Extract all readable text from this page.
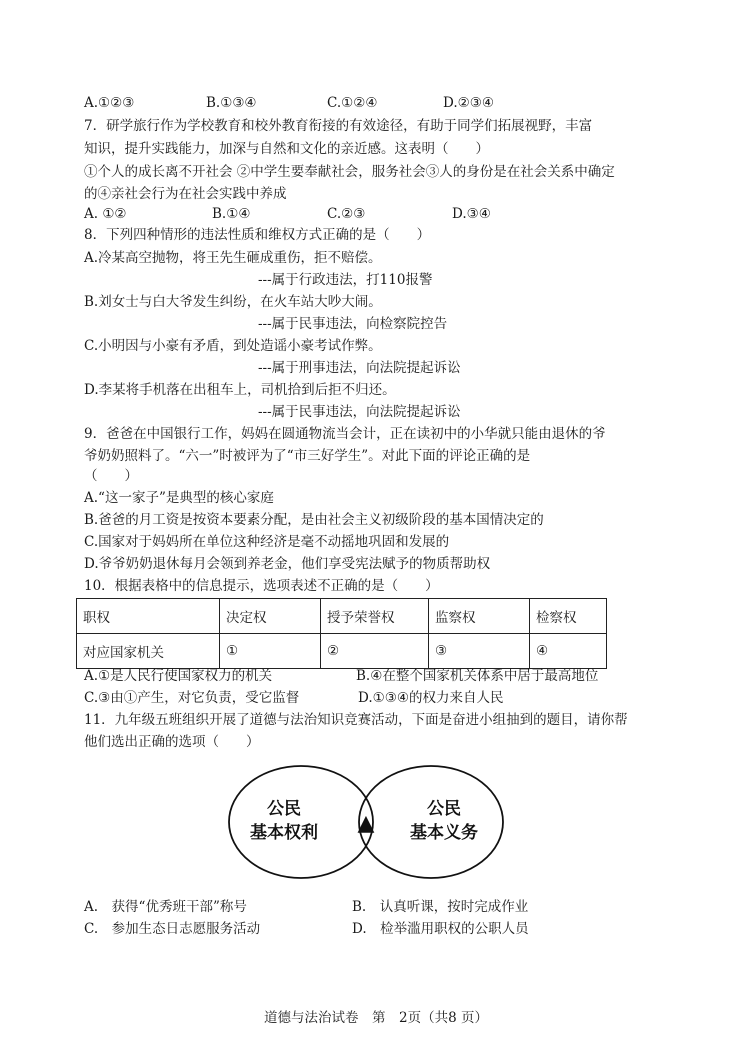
A.①②③	B.①③④	C.①②④	D.②③④
7．研学旅行作为学校教育和校外教育衔接的有效途径，有助于同学们拓展视野，丰富
知识，提升实践能力，加深与自然和文化的亲近感。这表明（　　）
①个人的成长离不开社会 ②中学生要奉献社会，服务社会③人的身份是在社会关系中确定
的④亲社会行为在社会实践中养成
A. ①②	B.①④	C.②③	D.③④
8．下列四种情形的违法性质和维权方式正确的是（　　）
A.冷某高空抛物，将王先生砸成重伤，拒不赔偿。
---属于行政违法，打110报警
B.刘女士与白大爷发生纠纷，在火车站大吵大闹。
---属于民事违法，向检察院控告
C.小明因与小豪有矛盾，到处造谣小豪考试作弊。
---属于刑事违法，向法院提起诉讼
D.李某将手机落在出租车上，司机拾到后拒不归还。
---属于民事违法，向法院提起诉讼
9．爸爸在中国银行工作，妈妈在圆通物流当会计，正在读初中的小华就只能由退休的爷
爷奶奶照料了。“六一”时被评为了“市三好学生”。对此下面的评论正确的是
（　　）
A.“这一家子”是典型的核心家庭
B.爸爸的月工资是按资本要素分配，是由社会主义初级阶段的基本国情决定的
C.国家对于妈妈所在单位这种经济是毫不动摇地巩固和发展的
D.爷爷奶奶退休每月会领到养老金，他们享受宪法赋予的物质帮助权
10．根据表格中的信息提示，选项表述不正确的是（　　）
职权	决定权	授予荣誉权	监察权	检察权
对应国家机关	①	②	③	④
A.①是人民行使国家权力的机关	B.④在整个国家机关体系中居于最高地位
C.③由①产生，对它负责，受它监督	D.①③④的权力来自人民
11．九年级五班组织开展了道德与法治知识竞赛活动，下面是奋进小组抽到的题目，请你帮
他们选出正确的选项（　　）
公民
基本权利 ▲
公民
基本义务
A.　获得“优秀班干部”称号	B.　认真听课，按时完成作业
C.　参加生态日志愿服务活动	D.　检举滥用职权的公职人员
道德与法治试卷　第　2页（共8 页）
